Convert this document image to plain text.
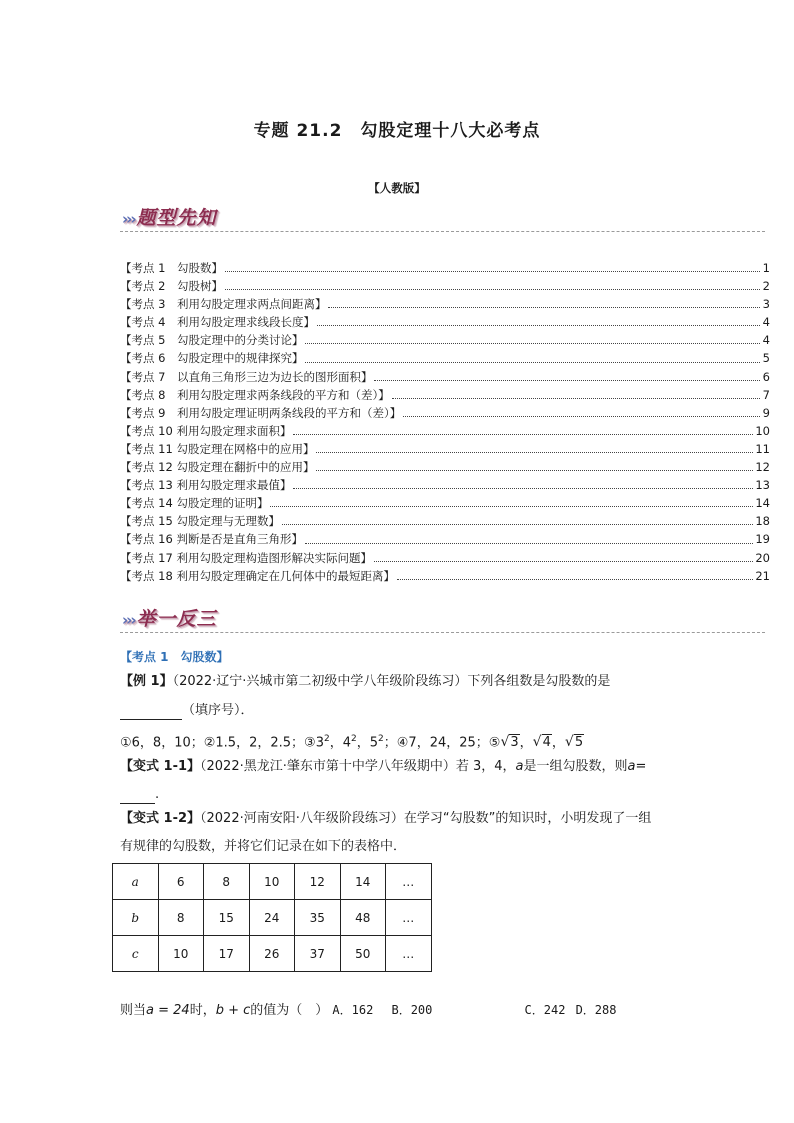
专题 21.2　勾股定理十八大必考点
【人教版】
››› 题型先知
【考点 1　勾股数】	1
【考点 2　勾股树】	2
【考点 3　利用勾股定理求两点间距离】	3
【考点 4　利用勾股定理求线段长度】	4
【考点 5　勾股定理中的分类讨论】	4
【考点 6　勾股定理中的规律探究】	5
【考点 7　以直角三角形三边为边长的图形面积】	6
【考点 8　利用勾股定理求两条线段的平方和（差）】	7
【考点 9　利用勾股定理证明两条线段的平方和（差）】	9
【考点 10 利用勾股定理求面积】	10
【考点 11 勾股定理在网格中的应用】	11
【考点 12 勾股定理在翻折中的应用】	12
【考点 13 利用勾股定理求最值】	13
【考点 14 勾股定理的证明】	14
【考点 15 勾股定理与无理数】	18
【考点 16 判断是否是直角三角形】	19
【考点 17 利用勾股定理构造图形解决实际问题】	20
【考点 18 利用勾股定理确定在几何体中的最短距离】	21
››› 举一反三
【考点 1　勾股数】
【例 1】（2022·辽宁·兴城市第二初级中学八年级阶段练习）下列各组数是勾股数的是
（填序号）．
①6，8，10；②1.5，2，2.5；$③3^2$，$4^2$，$5^2$；④7，24，25；⑤√3，√4，√5
【变式 1-1】（2022·黑龙江·肇东市第十中学八年级期中）若 3，4，a是一组勾股数，则a=
.
【变式 1-2】（2022·河南安阳·八年级阶段练习）在学习“勾股数”的知识时，小明发现了一组
有规律的勾股数，并将它们记录在如下的表格中．
a	6	8	10	12	14	…
b	8	15	24	35	48	…
c	10	17	26	37	50	…
则当a = 24时，b + c的值为（　） A．162 B．200	C．242 D．288
